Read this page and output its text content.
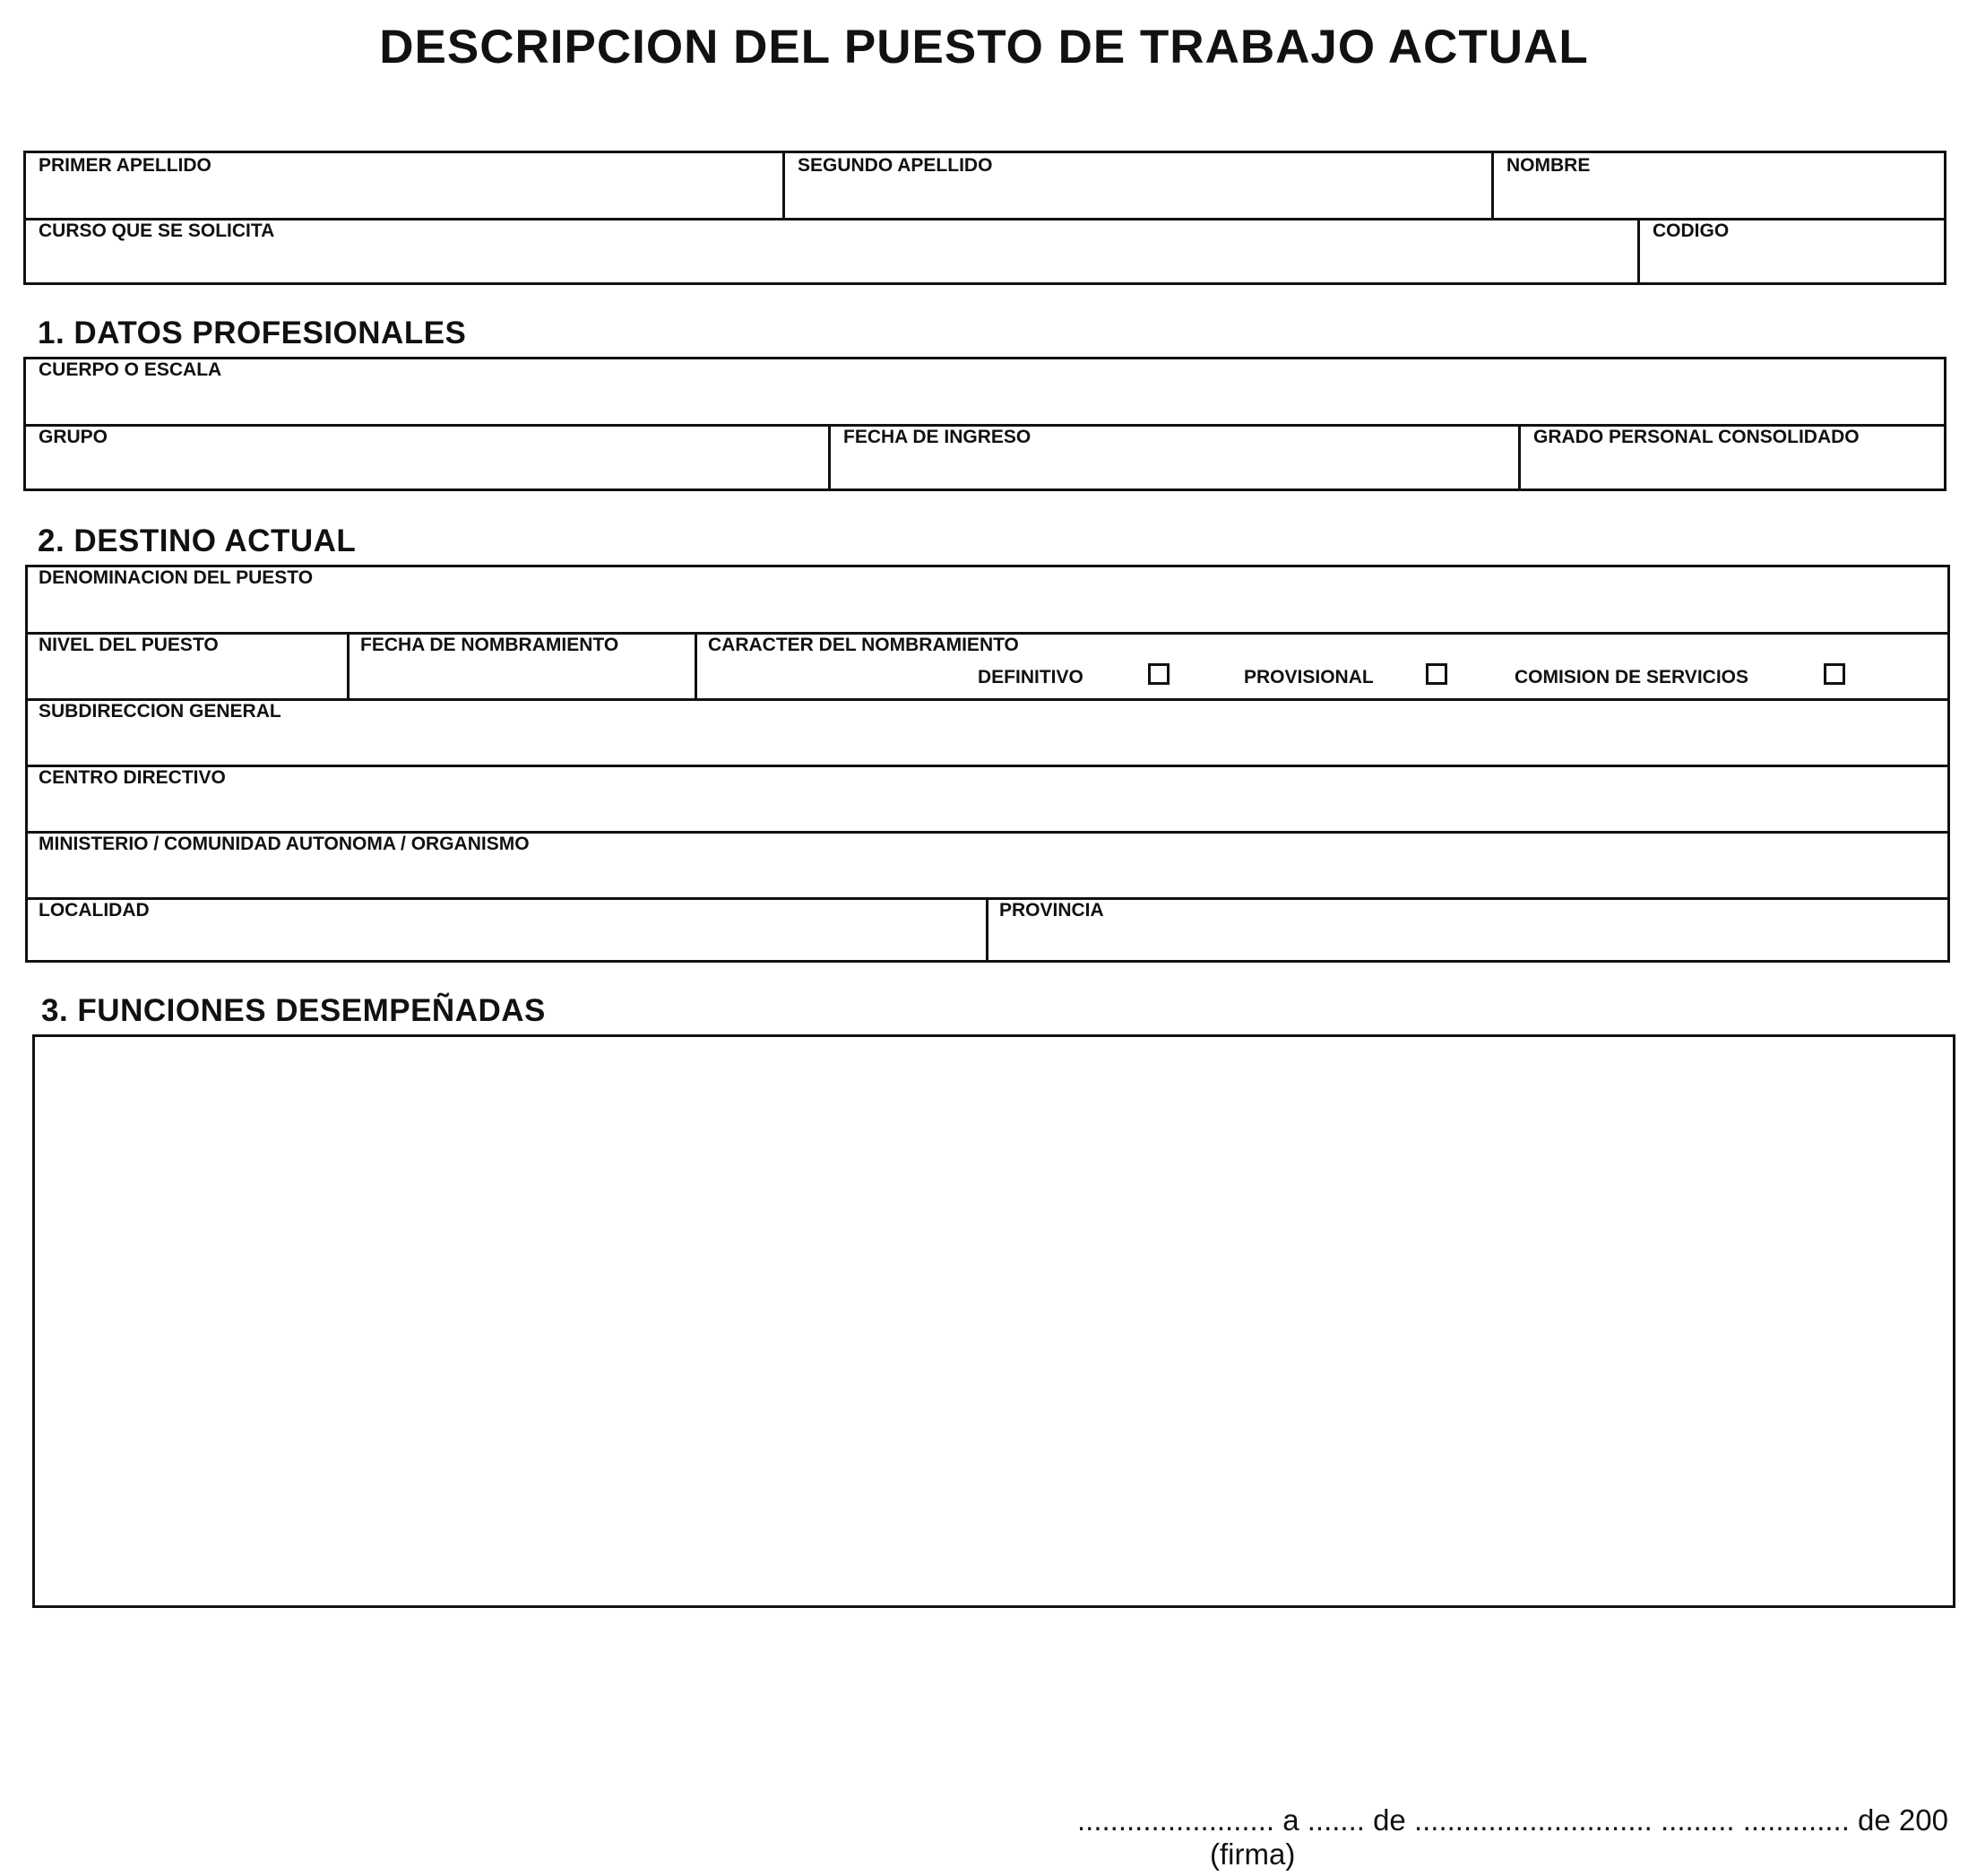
DESCRIPCION DEL PUESTO DE TRABAJO ACTUAL
PRIMER APELLIDO	SEGUNDO APELLIDO	NOMBRE
CURSO QUE SE SOLICITA	CODIGO
1. DATOS PROFESIONALES
CUERPO O ESCALA
GRUPO	FECHA DE INGRESO	GRADO PERSONAL CONSOLIDADO
2. DESTINO ACTUAL
DENOMINACION DEL PUESTO
NIVEL DEL PUESTO	FECHA DE NOMBRAMIENTO	CARACTER DEL NOMBRAMIENTO
DEFINITIVO	PROVISIONAL	COMISION DE SERVICIOS
SUBDIRECCION GENERAL
CENTRO DIRECTIVO
MINISTERIO / COMUNIDAD AUTONOMA / ORGANISMO
LOCALIDAD	PROVINCIA
3. FUNCIONES DESEMPEÑADAS
........................ a ....... de ............................. ......... ............. de 200
(firma)
